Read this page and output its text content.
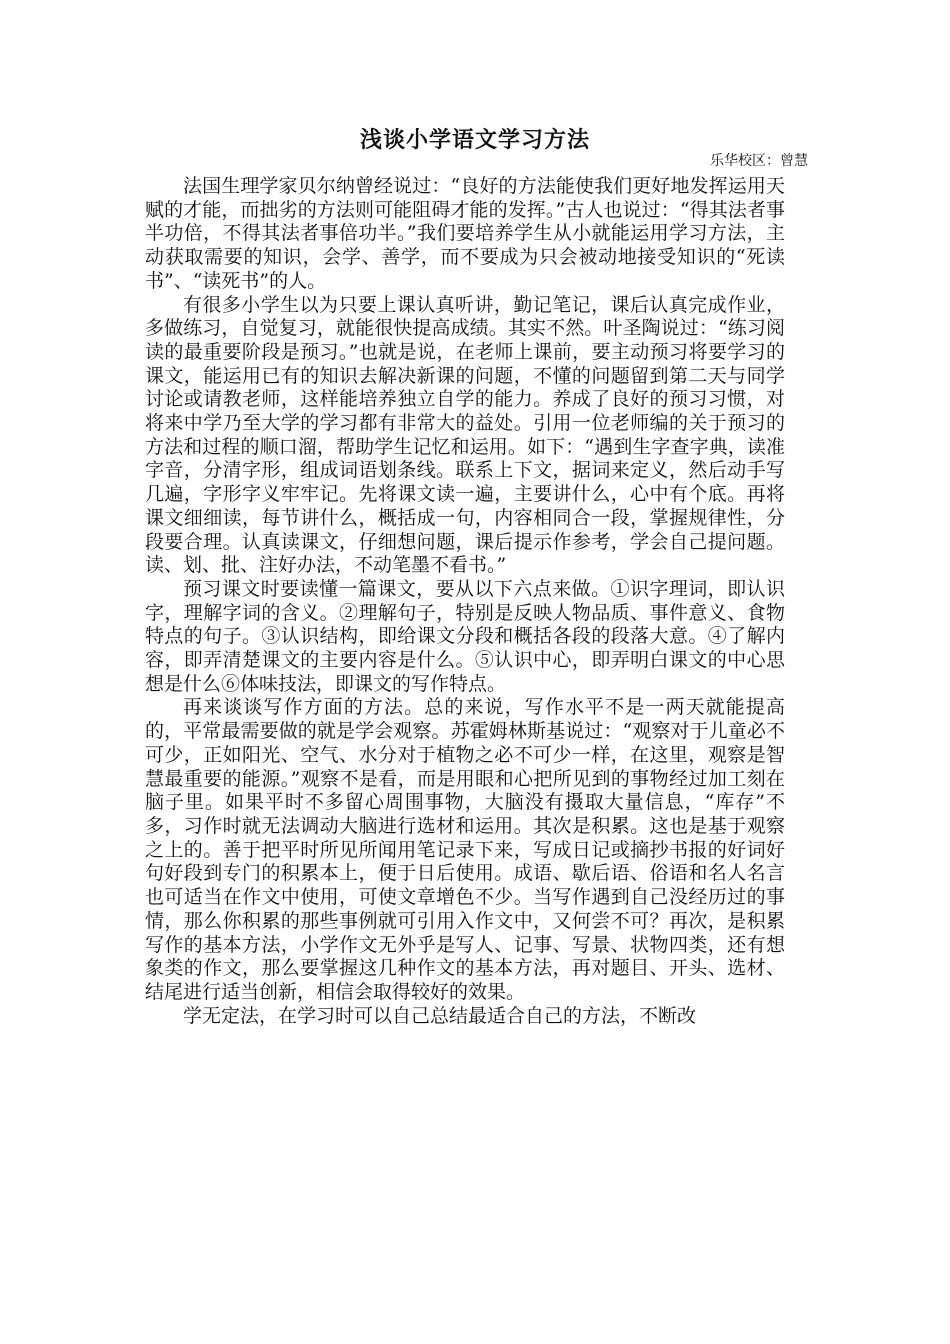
浅谈小学语文学习方法
乐华校区：曾慧

法国生理学家贝尔纳曾经说过：“良好的方法能使我们更好地发挥运用天赋的才能，而拙劣的方法则可能阻碍才能的发挥。”古人也说过：“得其法者事半功倍，不得其法者事倍功半。”我们要培养学生从小就能运用学习方法，主动获取需要的知识，会学、善学，而不要成为只会被动地接受知识的“死读书”、“读死书”的人。

有很多小学生以为只要上课认真听讲，勤记笔记，课后认真完成作业，多做练习，自觉复习，就能很快提高成绩。其实不然。叶圣陶说过：“练习阅读的最重要阶段是预习。”也就是说，在老师上课前，要主动预习将要学习的课文，能运用已有的知识去解决新课的问题，不懂的问题留到第二天与同学讨论或请教老师，这样能培养独立自学的能力。养成了良好的预习习惯，对将来中学乃至大学的学习都有非常大的益处。引用一位老师编的关于预习的方法和过程的顺口溜，帮助学生记忆和运用。如下：“遇到生字查字典，读准字音，分清字形，组成词语划条线。联系上下文，据词来定义，然后动手写几遍，字形字义牢牢记。先将课文读一遍，主要讲什么，心中有个底。再将课文细细读，每节讲什么，概括成一句，内容相同合一段，掌握规律性，分段要合理。认真读课文，仔细想问题，课后提示作参考，学会自己提问题。读、划、批、注好办法，不动笔墨不看书。”

预习课文时要读懂一篇课文，要从以下六点来做。①识字理词，即认识字，理解字词的含义。②理解句子，特别是反映人物品质、事件意义、食物特点的句子。③认识结构，即给课文分段和概括各段的段落大意。④了解内容，即弄清楚课文的主要内容是什么。⑤认识中心，即弄明白课文的中心思想是什么⑥体味技法，即课文的写作特点。

再来谈谈写作方面的方法。总的来说，写作水平不是一两天就能提高的，平常最需要做的就是学会观察。苏霍姆林斯基说过：“观察对于儿童必不可少，正如阳光、空气、水分对于植物之必不可少一样，在这里，观察是智慧最重要的能源。”观察不是看，而是用眼和心把所见到的事物经过加工刻在脑子里。如果平时不多留心周围事物，大脑没有摄取大量信息，“库存”不多，习作时就无法调动大脑进行选材和运用。其次是积累。这也是基于观察之上的。善于把平时所见所闻用笔记录下来，写成日记或摘抄书报的好词好句好段到专门的积累本上，便于日后使用。成语、歇后语、俗语和名人名言也可适当在作文中使用，可使文章增色不少。当写作遇到自己没经历过的事情，那么你积累的那些事例就可引用入作文中，又何尝不可？再次，是积累写作的基本方法，小学作文无外乎是写人、记事、写景、状物四类，还有想象类的作文，那么要掌握这几种作文的基本方法，再对题目、开头、选材、结尾进行适当创新，相信会取得较好的效果。

学无定法，在学习时可以自己总结最适合自己的方法，不断改
